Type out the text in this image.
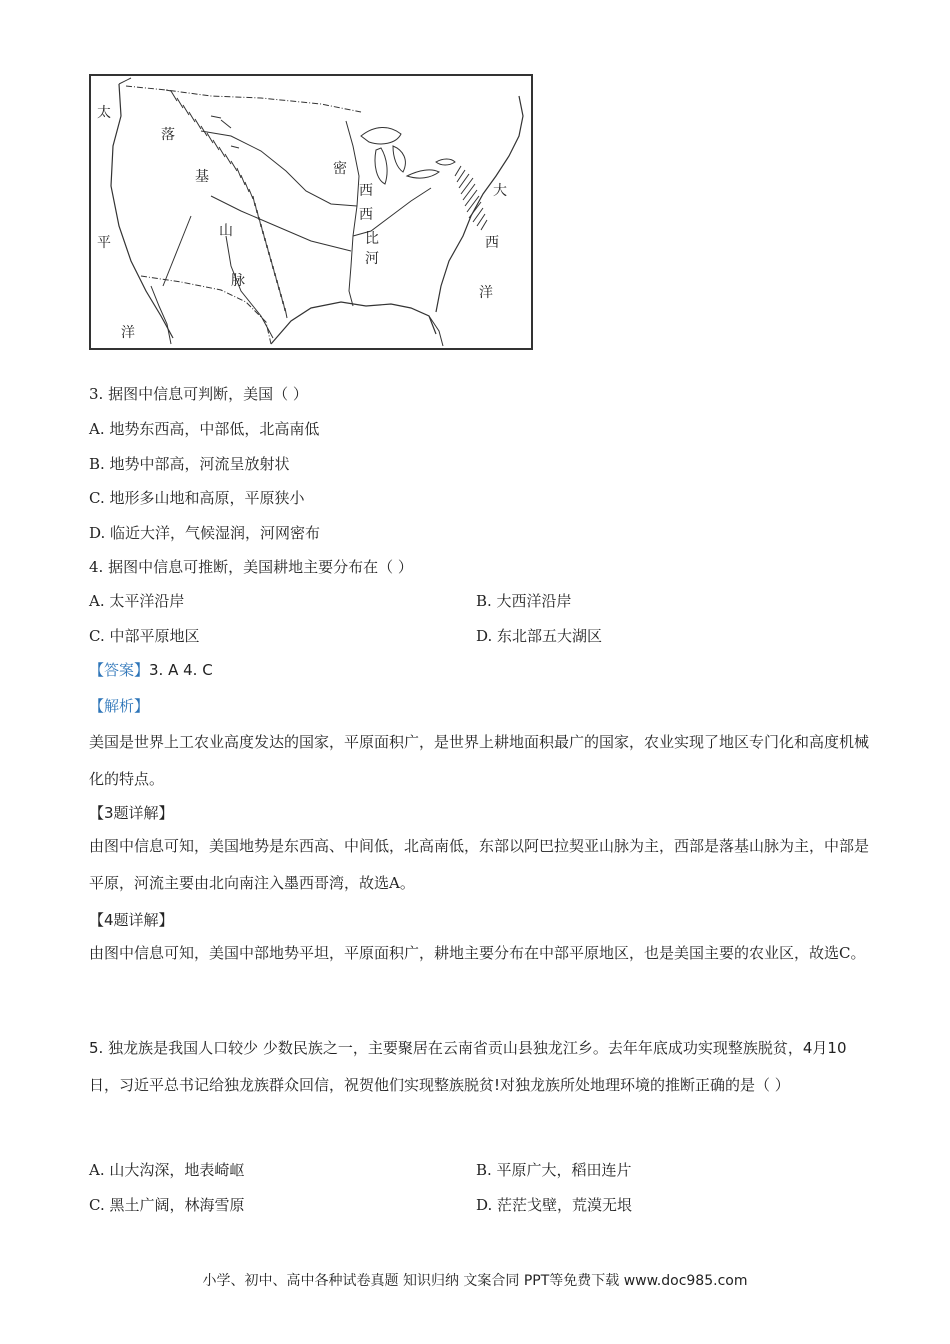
太
平
洋
落
基
山
脉
密
西
西
比
河
大
西
洋
3. 据图中信息可判断，美国（ ）
A. 地势东西高，中部低，北高南低
B. 地势中部高，河流呈放射状
C. 地形多山地和高原，平原狭小
D. 临近大洋，气候湿润，河网密布
4. 据图中信息可推断，美国耕地主要分布在（ ）
A. 太平洋沿岸	B. 大西洋沿岸
C. 中部平原地区	D. 东北部五大湖区
【答案】3. A 4. C
【解析】
美国是世界上工农业高度发达的国家，平原面积广，是世界上耕地面积最广的国家，农业实现了地区专门化和高度机械化的特点。
【3题详解】
由图中信息可知，美国地势是东西高、中间低，北高南低，东部以阿巴拉契亚山脉为主，西部是落基山脉为主，中部是平原，河流主要由北向南注入墨西哥湾，故选A。
【4题详解】
由图中信息可知，美国中部地势平坦，平原面积广，耕地主要分布在中部平原地区，也是美国主要的农业区，故选C。
5. 独龙族是我国人口较少 少数民族之一，主要聚居在云南省贡山县独龙江乡。去年年底成功实现整族脱贫，4月10日，习近平总书记给独龙族群众回信，祝贺他们实现整族脱贫!对独龙族所处地理环境的推断正确的是（ ）
A. 山大沟深，地表崎岖	B. 平原广大，稻田连片
C. 黑土广阔，林海雪原	D. 茫茫戈壁，荒漠无垠
小学、初中、高中各种试卷真题 知识归纳 文案合同 PPT等免费下载 www.doc985.com
